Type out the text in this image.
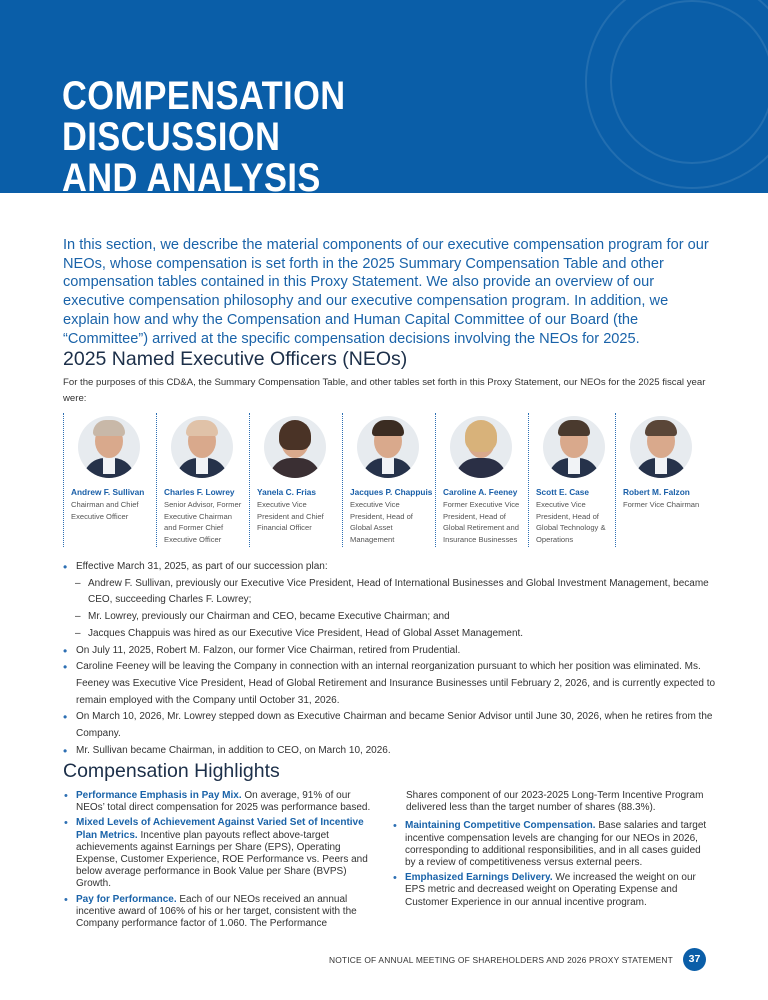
COMPENSATION
DISCUSSION
AND ANALYSIS

In this section, we describe the material components of our executive compensation program for our NEOs, whose compensation is set forth in the 2025 Summary Compensation Table and other compensation tables contained in this Proxy Statement. We also provide an overview of our executive compensation philosophy and our executive compensation program. In addition, we explain how and why the Compensation and Human Capital Committee of our Board (the “Committee”) arrived at the specific compensation decisions involving the NEOs for 2025.

2025 Named Executive Officers (NEOs)

For the purposes of this CD&A, the Summary Compensation Table, and other tables set forth in this Proxy Statement, our NEOs for the 2025 fiscal year were:

Andrew F. Sullivan

Chairman and Chief Executive Officer

Charles F. Lowrey

Senior Advisor, Former Executive Chairman and Former Chief Executive Officer

Yanela C. Frias

Executive Vice President and Chief Financial Officer

Jacques P. Chappuis

Executive Vice President, Head of Global Asset Management

Caroline A. Feeney

Former Executive Vice President, Head of Global Retirement and Insurance Businesses

Scott E. Case

Executive Vice President, Head of Global Technology & Operations

Robert M. Falzon

Former Vice Chairman

• Effective March 31, 2025, as part of our succession plan:
– Andrew F. Sullivan, previously our Executive Vice President, Head of International Businesses and Global Investment Management, became CEO, succeeding Charles F. Lowrey;
– Mr. Lowrey, previously our Chairman and CEO, became Executive Chairman; and
– Jacques Chappuis was hired as our Executive Vice President, Head of Global Asset Management.
• On July 11, 2025, Robert M. Falzon, our former Vice Chairman, retired from Prudential.
• Caroline Feeney will be leaving the Company in connection with an internal reorganization pursuant to which her position was eliminated. Ms. Feeney was Executive Vice President, Head of Global Retirement and Insurance Businesses until February 2, 2026, and is currently expected to remain employed with the Company until October 31, 2026.
• On March 10, 2026, Mr. Lowrey stepped down as Executive Chairman and became Senior Advisor until June 30, 2026, when he retires from the Company.
• Mr. Sullivan became Chairman, in addition to CEO, on March 10, 2026.
Compensation Highlights
• Performance Emphasis in Pay Mix. On average, 91% of our NEOs’ total direct compensation for 2025 was performance based.
• Mixed Levels of Achievement Against Varied Set of Incentive Plan Metrics. Incentive plan payouts reflect above-target achievements against Earnings per Share (EPS), Operating Expense, Customer Experience, ROE Performance vs. Peers and below average performance in Book Value per Share (BVPS) Growth.
• Pay for Performance. Each of our NEOs received an annual incentive award of 106% of his or her target, consistent with the Company performance factor of 1.060. The Performance
Shares component of our 2023-2025 Long-Term Incentive Program delivered less than the target number of shares (88.3%).
• Maintaining Competitive Compensation. Base salaries and target incentive compensation levels are changing for our NEOs in 2026, corresponding to additional responsibilities, and in all cases guided by a review of competitiveness versus external peers.
• Emphasized Earnings Delivery. We increased the weight on our EPS metric and decreased weight on Operating Expense and Customer Experience in our annual incentive program.

NOTICE OF ANNUAL MEETING OF SHAREHOLDERS AND 2026 PROXY STATEMENT	37
